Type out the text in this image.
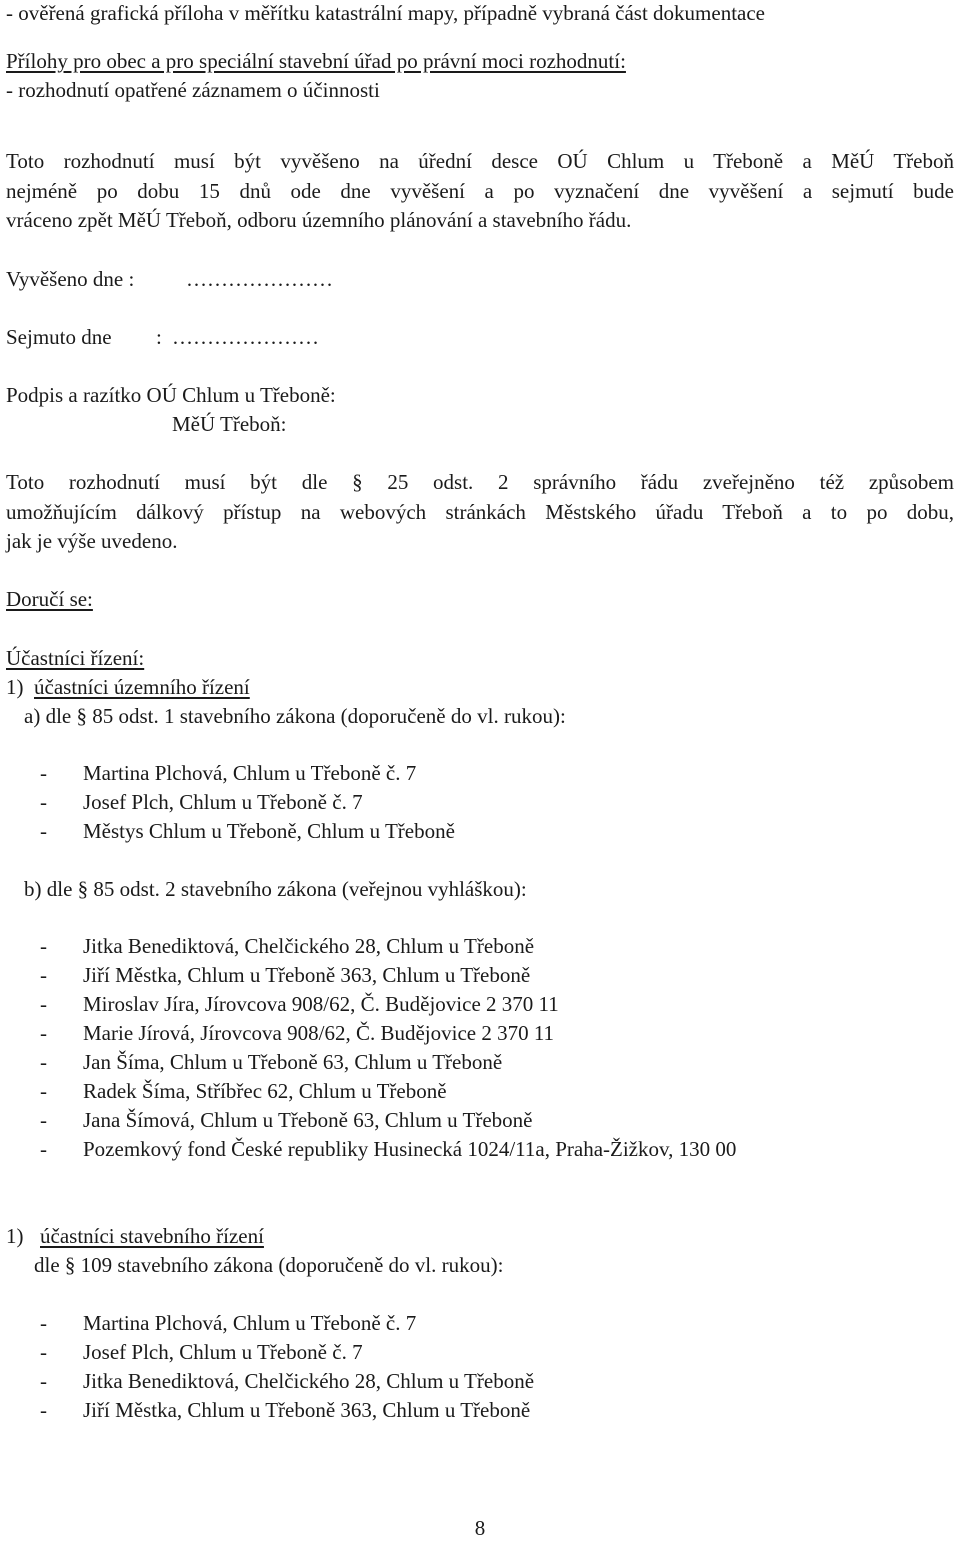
- ověřená grafická příloha v měřítku katastrální mapy, případně vybraná část dokumentace
Přílohy pro obec a pro speciální stavební úřad po právní moci rozhodnutí:
- rozhodnutí opatřené záznamem o účinnosti
Toto rozhodnutí musí být vyvěšeno na úřední desce OÚ Chlum u Třeboně a MěÚ Třeboň
nejméně po dobu 15 dnů ode dne vyvěšení a po vyznačení dne vyvěšení a sejmutí bude
vráceno zpět MěÚ Třeboň, odboru územního plánování a stavebního řádu.
Vyvěšeno dne : …………………
Sejmuto dne : …………………
Podpis a razítko OÚ Chlum u Třeboně:
MěÚ Třeboň:
Toto rozhodnutí musí být dle § 25 odst. 2 správního řádu zveřejněno též způsobem
umožňujícím dálkový přístup na webových stránkách Městského úřadu Třeboň a to po dobu,
jak je výše uvedeno.
Doručí se:
Účastníci řízení:
1) účastníci územního řízení
a) dle § 85 odst. 1 stavebního zákona (doporučeně do vl. rukou):
- Martina Plchová, Chlum u Třeboně č. 7
- Josef Plch, Chlum u Třeboně č. 7
- Městys Chlum u Třeboně, Chlum u Třeboně
b) dle § 85 odst. 2 stavebního zákona (veřejnou vyhláškou):
- Jitka Benediktová, Chelčického 28, Chlum u Třeboně
- Jiří Městka, Chlum u Třeboně 363, Chlum u Třeboně
- Miroslav Jíra, Jírovcova 908/62, Č. Budějovice 2 370 11
- Marie Jírová, Jírovcova 908/62, Č. Budějovice 2 370 11
- Jan Šíma, Chlum u Třeboně 63, Chlum u Třeboně
- Radek Šíma, Stříbřec 62, Chlum u Třeboně
- Jana Šímová, Chlum u Třeboně 63, Chlum u Třeboně
- Pozemkový fond České republiky Husinecká 1024/11a, Praha-Žižkov, 130 00
1) účastníci stavebního řízení
dle § 109 stavebního zákona (doporučeně do vl. rukou):
- Martina Plchová, Chlum u Třeboně č. 7
- Josef Plch, Chlum u Třeboně č. 7
- Jitka Benediktová, Chelčického 28, Chlum u Třeboně
- Jiří Městka, Chlum u Třeboně 363, Chlum u Třeboně
8
